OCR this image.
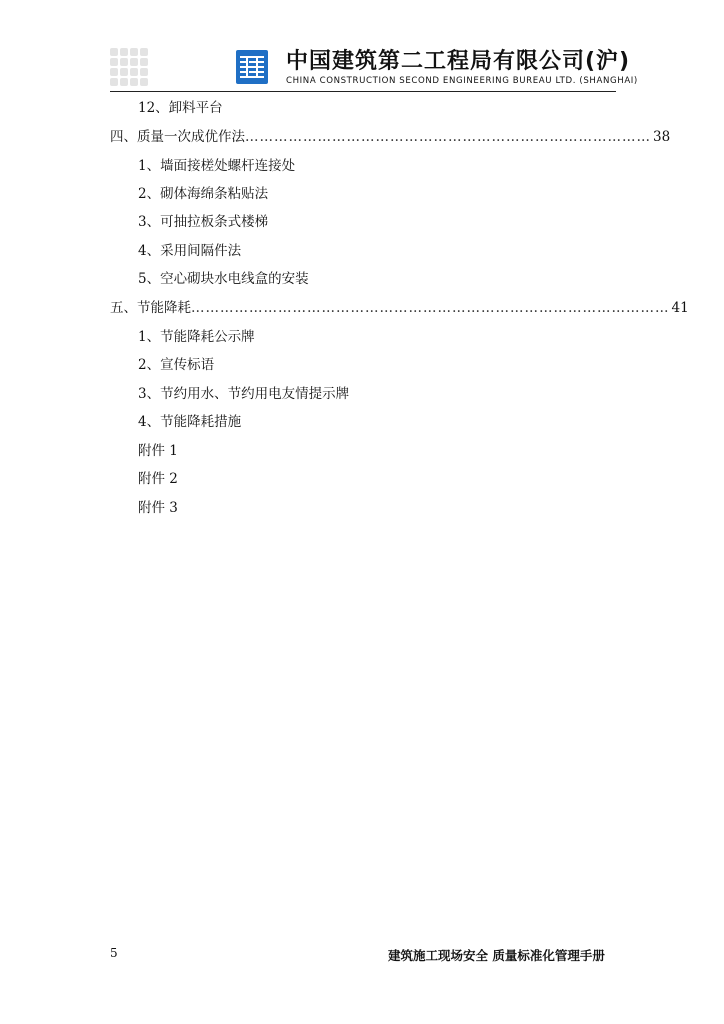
中国建筑第二工程局有限公司(沪)
CHINA CONSTRUCTION SECOND ENGINEERING BUREAU LTD. (SHANGHAI)
12、卸料平台
四、质量一次成优作法 ………………………………………………………………………… 38
1、墙面接槎处螺杆连接处
2、砌体海绵条粘贴法
3、可抽拉板条式楼梯
4、采用间隔件法
5、空心砌块水电线盒的安装
五、节能降耗 ……………………………………………………………………………………… 41
1、节能降耗公示牌
2、宣传标语
3、节约用水、节约用电友情提示牌
4、节能降耗措施
附件 1
附件 2
附件 3
5	建筑施工现场安全 质量标准化管理手册
